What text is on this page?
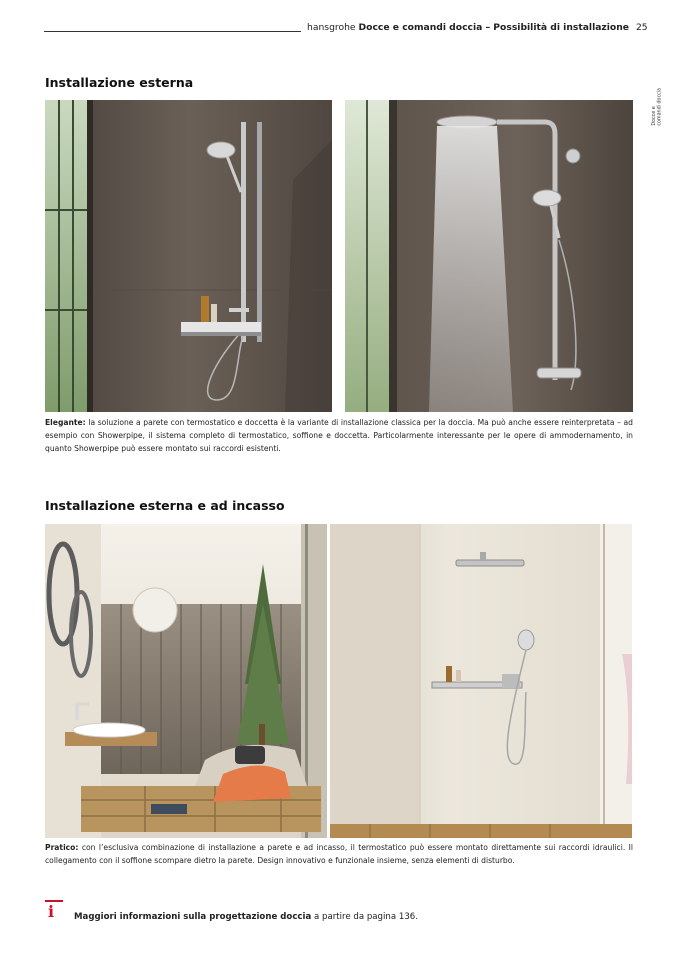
hansgrohe Docce e comandi doccia – Possibilità di installazione 25
Docce e
comandi doccia
Installazione esterna
Elegante: la soluzione a parete con termostatico e doccetta è la variante di installazione classica per la doccia. Ma può anche essere reinterpretata – ad esempio con Showerpipe, il sistema completo di termostatico, soffione e doccetta. Particolarmente interessante per le opere di ammodernamento, in quanto Showerpipe può essere montato sui raccordi esistenti.
Installazione esterna e ad incasso
Pratico: con l’esclusiva combinazione di installazione a parete e ad incasso, il termostatico può essere montato direttamente sui raccordi idraulici. Il collegamento con il soffione scompare dietro la parete. Design innovativo e funzionale insieme, senza elementi di disturbo.
i Maggiori informazioni sulla progettazione doccia a partire da pagina 136.
